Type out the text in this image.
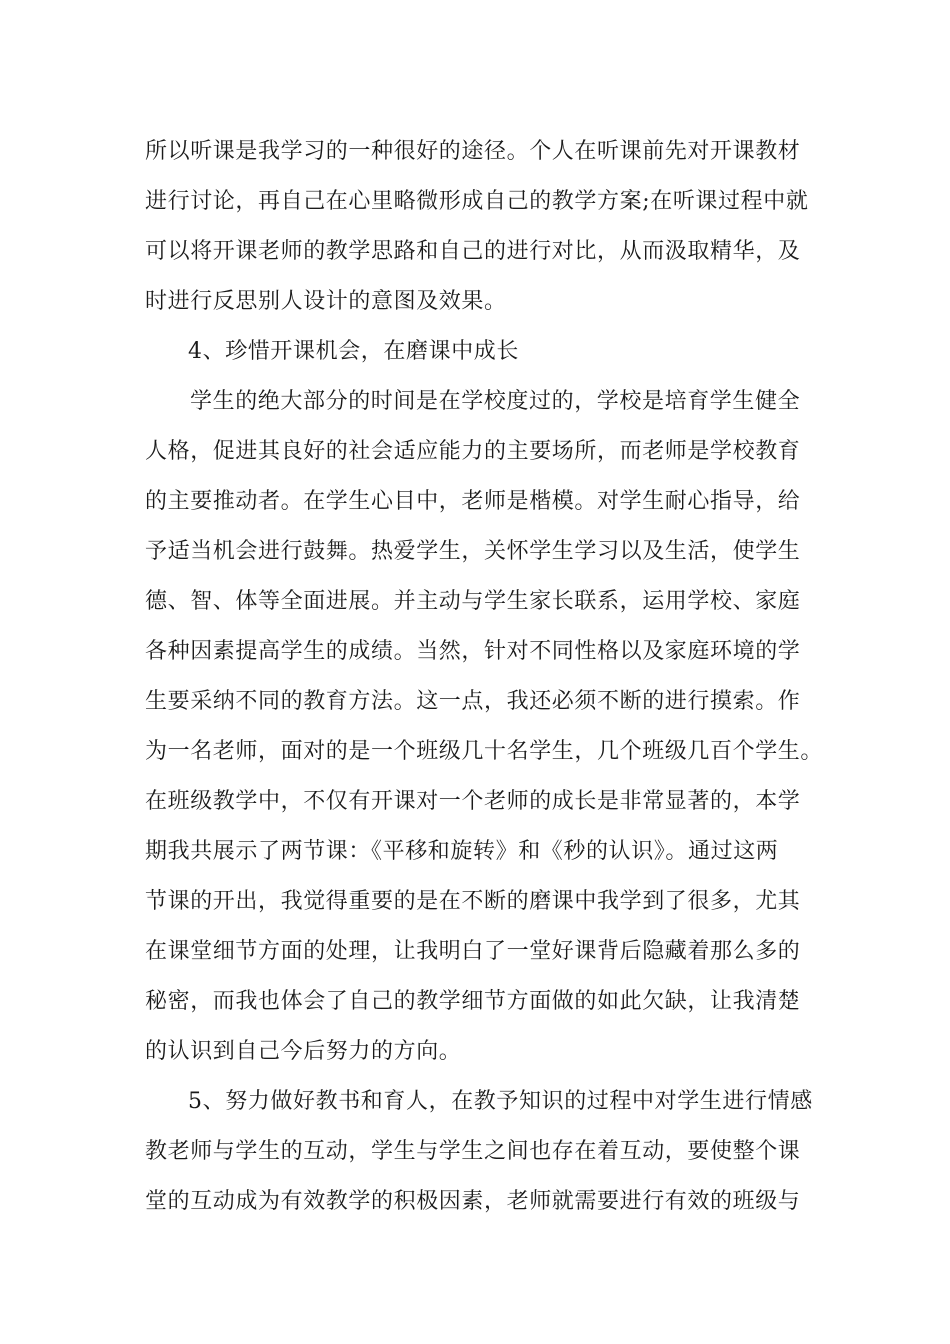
所以听课是我学习的一种很好的途径。个人在听课前先对开课教材
进行讨论，再自己在心里略微形成自己的教学方案;在听课过程中就
可以将开课老师的教学思路和自己的进行对比，从而汲取精华，及
时进行反思别人设计的意图及效果。
4、珍惜开课机会，在磨课中成长
学生的绝大部分的时间是在学校度过的，学校是培育学生健全
人格，促进其良好的社会适应能力的主要场所，而老师是学校教育
的主要推动者。在学生心目中，老师是楷模。对学生耐心指导，给
予适当机会进行鼓舞。热爱学生，关怀学生学习以及生活，使学生
德、智、体等全面进展。并主动与学生家长联系，运用学校、家庭
各种因素提高学生的成绩。当然，针对不同性格以及家庭环境的学
生要采纳不同的教育方法。这一点，我还必须不断的进行摸索。作
为一名老师，面对的是一个班级几十名学生，几个班级几百个学生。
在班级教学中，不仅有开课对一个老师的成长是非常显著的，本学
期我共展示了两节课：《平移和旋转》和《秒的认识》。通过这两
节课的开出，我觉得重要的是在不断的磨课中我学到了很多，尤其
在课堂细节方面的处理，让我明白了一堂好课背后隐藏着那么多的
秘密，而我也体会了自己的教学细节方面做的如此欠缺，让我清楚
的认识到自己今后努力的方向。
5、努力做好教书和育人，在教予知识的过程中对学生进行情感
教老师与学生的互动，学生与学生之间也存在着互动，要使整个课
堂的互动成为有效教学的积极因素，老师就需要进行有效的班级与
